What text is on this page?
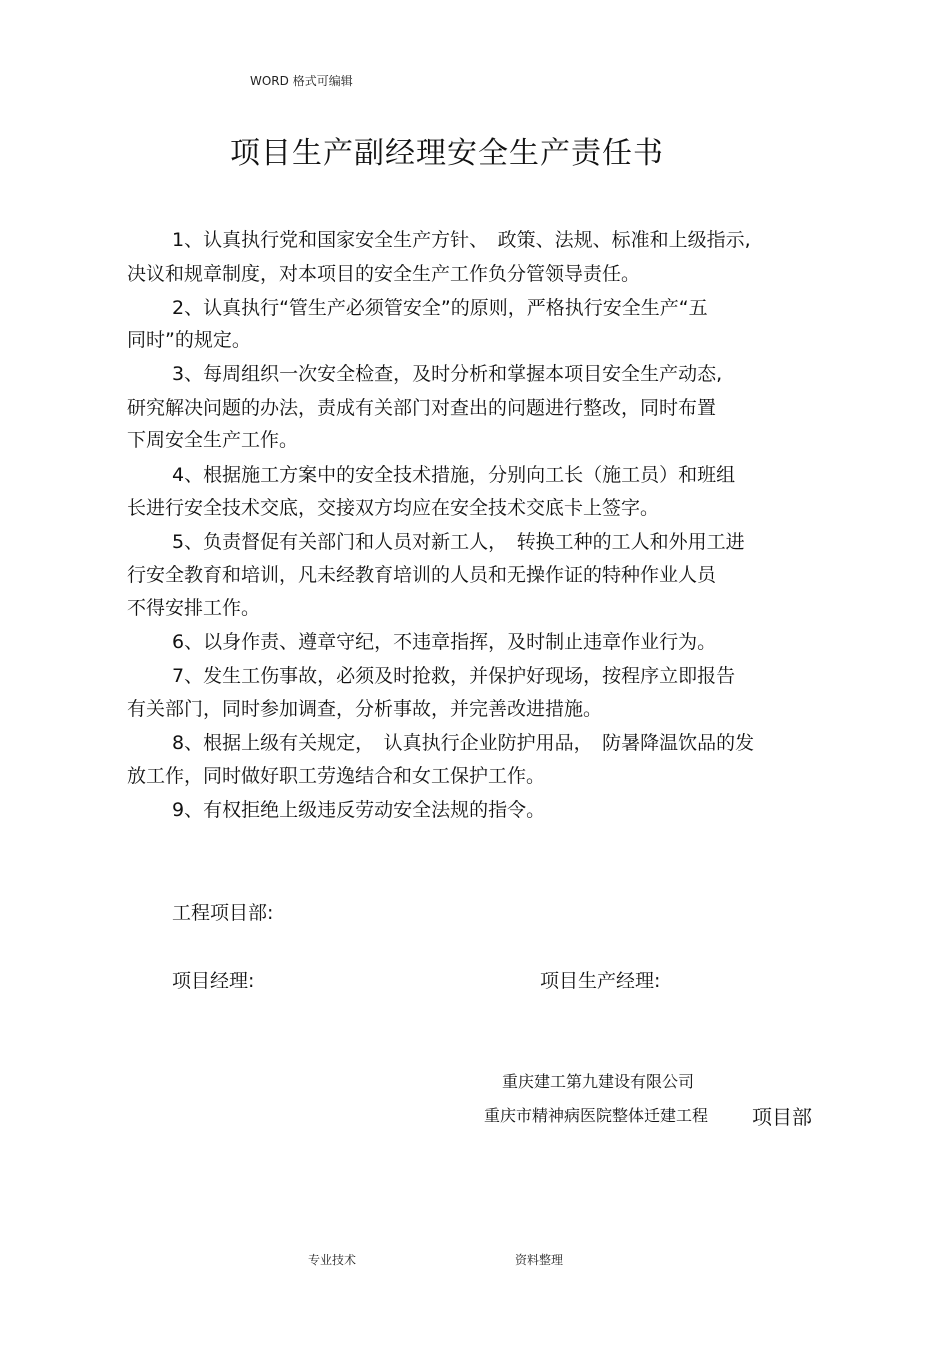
WORD 格式可编辑
项目生产副经理安全生产责任书
1、认真执行党和国家安全生产方针、　政策、法规、标准和上级指示,
决议和规章制度，对本项目的安全生产工作负分管领导责任。
2、认真执行“管生产必须管安全”的原则，严格执行安全生产“五
同时”的规定。
3、每周组织一次安全检查，及时分析和掌握本项目安全生产动态,
研究解决问题的办法，责成有关部门对查出的问题进行整改，同时布置
下周安全生产工作。
4、根据施工方案中的安全技术措施，分别向工长（施工员）和班组
长进行安全技术交底，交接双方均应在安全技术交底卡上签字。
5、负责督促有关部门和人员对新工人，　转换工种的工人和外用工进
行安全教育和培训，凡未经教育培训的人员和无操作证的特种作业人员
不得安排工作。
6、以身作责、遵章守纪，不违章指挥，及时制止违章作业行为。
7、发生工伤事故，必须及时抢救，并保护好现场，按程序立即报告
有关部门，同时参加调查，分析事故，并完善改进措施。
8、根据上级有关规定，　认真执行企业防护用品，　防暑降温饮品的发
放工作，同时做好职工劳逸结合和女工保护工作。
9、有权拒绝上级违反劳动安全法规的指令。
工程项目部:
项目经理:	项目生产经理:
重庆建工第九建设有限公司
重庆市精神病医院整体迁建工程 项目部
专业技术	资料整理
